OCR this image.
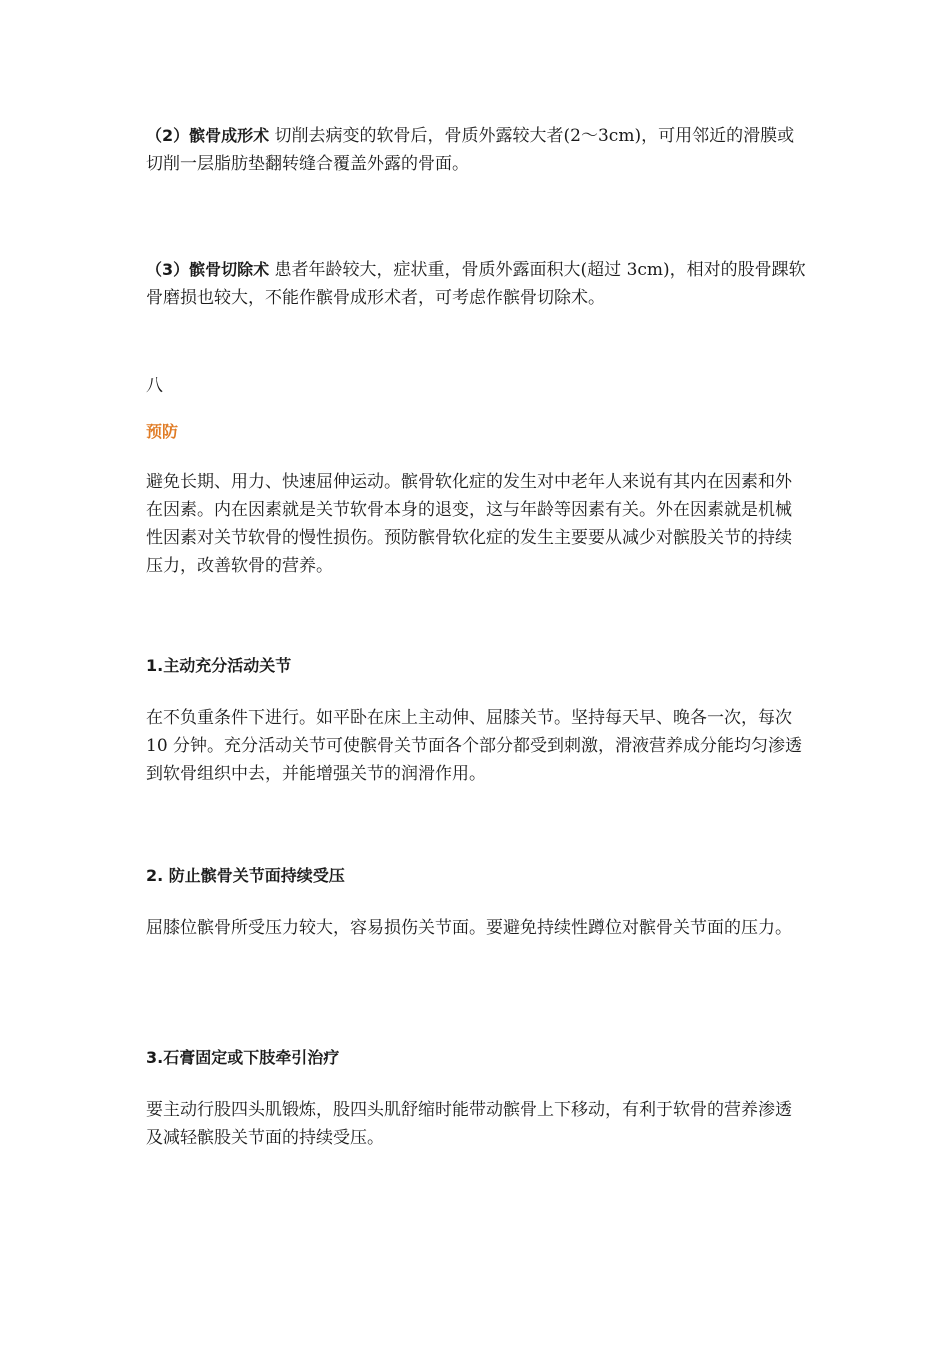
（2）髌骨成形术 切削去病变的软骨后，骨质外露较大者(2～3cm)，可用邻近的滑膜或切削一层脂肪垫翻转缝合覆盖外露的骨面。
（3）髌骨切除术 患者年龄较大，症状重，骨质外露面积大(超过 3cm)，相对的股骨踝软骨磨损也较大，不能作髌骨成形术者，可考虑作髌骨切除术。
八
预防
避免长期、用力、快速屈伸运动。髌骨软化症的发生对中老年人来说有其内在因素和外在因素。内在因素就是关节软骨本身的退变，这与年龄等因素有关。外在因素就是机械性因素对关节软骨的慢性损伤。预防髌骨软化症的发生主要要从减少对髌股关节的持续压力，改善软骨的营养。
1.主动充分活动关节
在不负重条件下进行。如平卧在床上主动伸、屈膝关节。坚持每天早、晚各一次，每次 10 分钟。充分活动关节可使髌骨关节面各个部分都受到刺激，滑液营养成分能均匀渗透到软骨组织中去，并能增强关节的润滑作用。
2. 防止髌骨关节面持续受压
屈膝位髌骨所受压力较大，容易损伤关节面。要避免持续性蹲位对髌骨关节面的压力。
3.石膏固定或下肢牵引治疗
要主动行股四头肌锻炼，股四头肌舒缩时能带动髌骨上下移动，有利于软骨的营养渗透及减轻髌股关节面的持续受压。
